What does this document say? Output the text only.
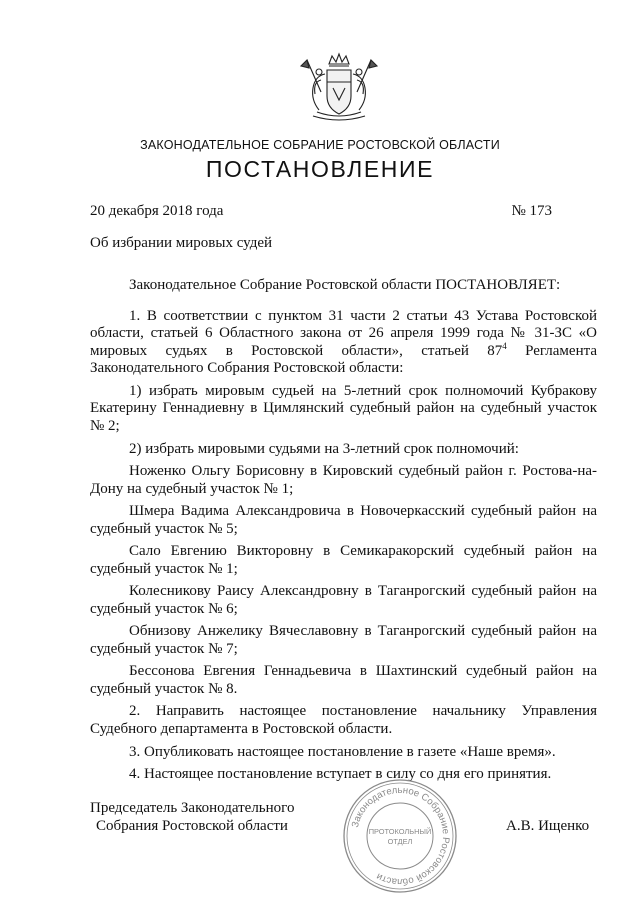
ЗАКОНОДАТЕЛЬНОЕ СОБРАНИЕ РОСТОВСКОЙ ОБЛАСТИ
ПОСТАНОВЛЕНИЕ
20 декабря 2018 года	№ 173
Об избрании мировых судей

Законодательное Собрание Ростовской области ПОСТАНОВЛЯЕТ:

1. В соответствии с пунктом 31 части 2 статьи 43 Устава Ростовской области, статьей 6 Областного закона от 26 апреля 1999 года № 31-ЗС «О мировых судьях в Ростовской области», статьей $87^4$ Регламента Законодательного Собрания Ростовской области:

1) избрать мировым судьей на 5-летний срок полномочий Кубракову Екатерину Геннадиевну в Цимлянский судебный район на судебный участок № 2;

2) избрать мировыми судьями на 3-летний срок полномочий:

Ноженко Ольгу Борисовну в Кировский судебный район г. Ростова-на-Дону на судебный участок № 1;

Шмера Вадима Александровича в Новочеркасский судебный район на судебный участок № 5;

Сало Евгению Викторовну в Семикаракорский судебный район на судебный участок № 1;

Колесникову Раису Александровну в Таганрогский судебный район на судебный участок № 6;

Обнизову Анжелику Вячеславовну в Таганрогский судебный район на судебный участок № 7;

Бессонова Евгения Геннадьевича в Шахтинский судебный район на судебный участок № 8.

2. Направить настоящее постановление начальнику Управления Судебного департамента в Ростовской области.

3. Опубликовать настоящее постановление в газете «Наше время».

4. Настоящее постановление вступает в силу со дня его принятия.

Председатель Законодательного
Собрания Ростовской области	Законодательное Собрание Ростовской области
ПРОТОКОЛЬНЫЙ
ОТДЕЛ
А.В. Ищенко
